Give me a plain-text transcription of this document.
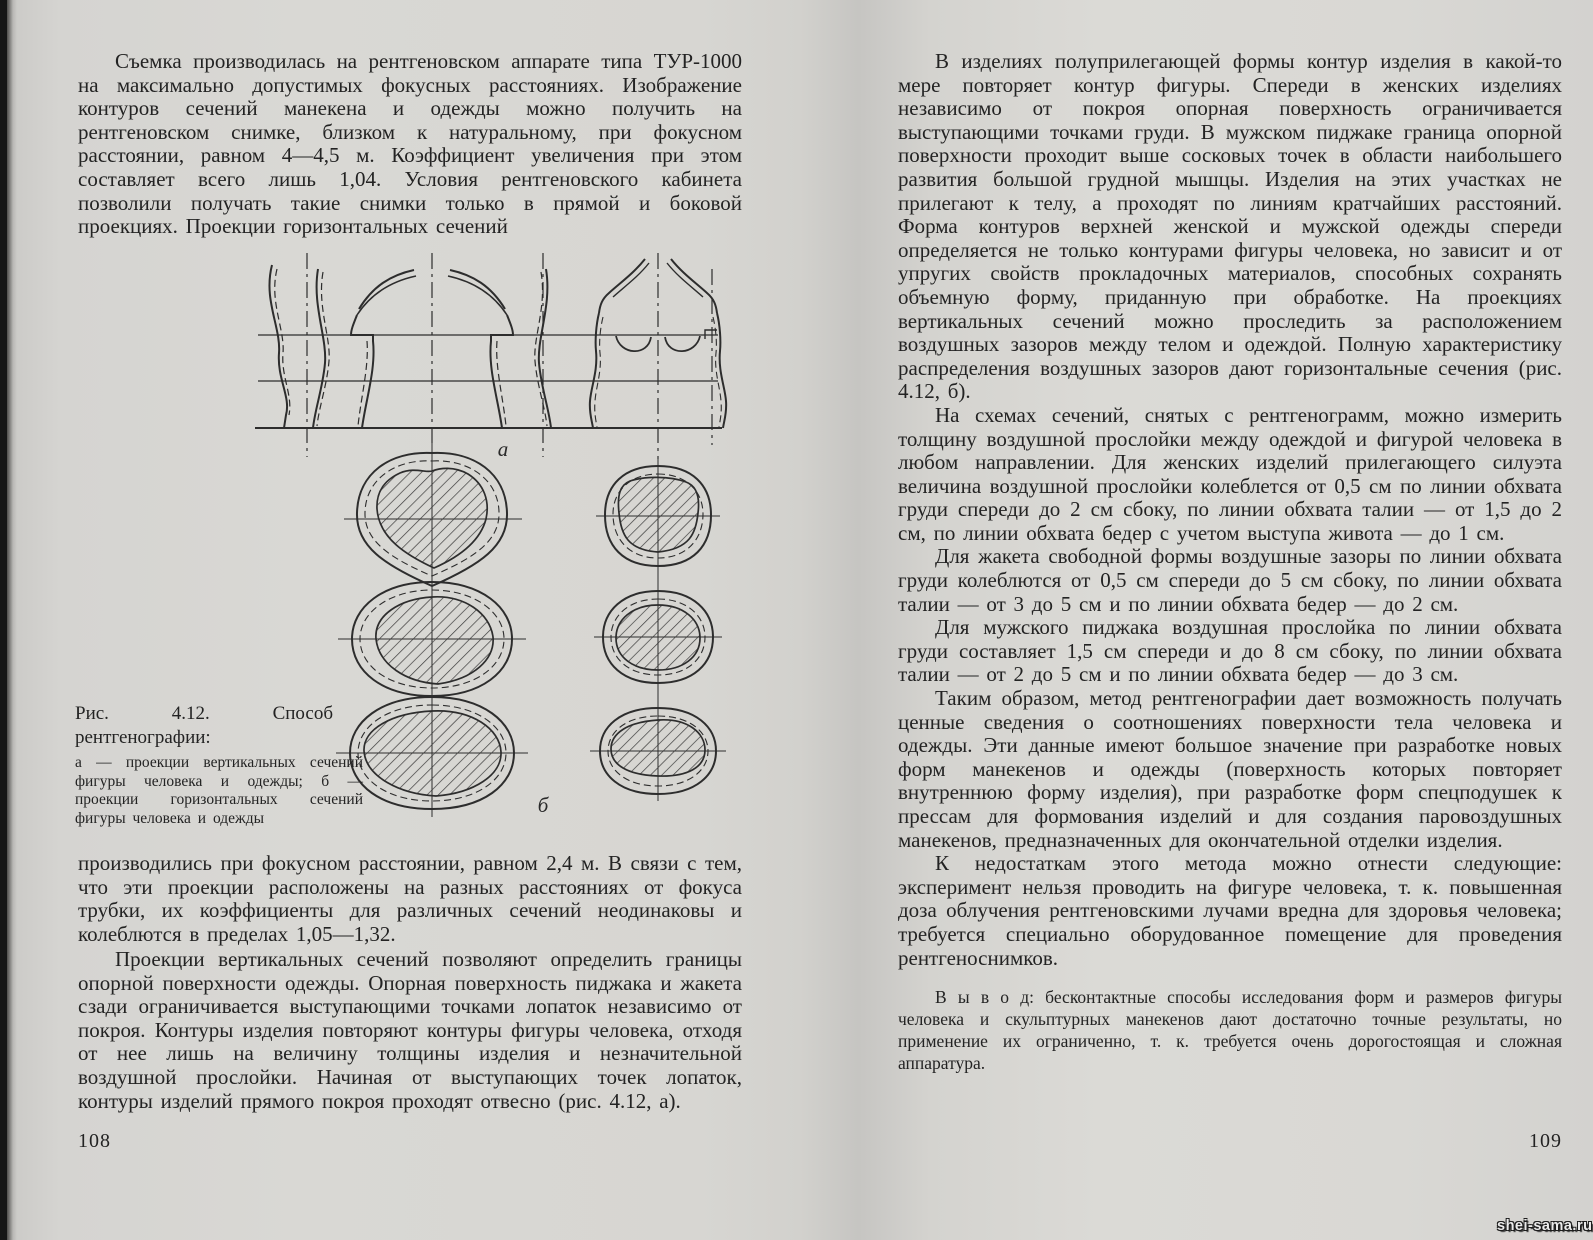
Съемка производилась на рентгеновском аппарате типа ТУР-1000 на максимально допустимых фокусных расстояниях. Изображение контуров сечений манекена и одежды можно получить на рентгеновском снимке, близком к натуральному, при фокусном расстоянии, равном 4—4,5 м. Коэффициент увеличения при этом составляет всего лишь 1,04. Условия рентгеновского кабинета позволили получать такие снимки только в прямой и боковой проекциях. Проекции горизонтальных сечений

а
б

Рис. 4.12. Способ рентгенографии:

а — проекции вертикальных сечений фигуры человека и одежды; б — проекции горизонтальных сечений фигуры человека и одежды

производились при фокусном расстоянии, равном 2,4 м. В связи с тем, что эти проекции расположены на разных расстояниях от фокуса трубки, их коэффициенты для различных сечений неодинаковы и колеблются в пределах 1,05—1,32.

Проекции вертикальных сечений позволяют определить границы опорной поверхности одежды. Опорная поверхность пиджака и жакета сзади ограничивается выступающими точками лопаток независимо от покроя. Контуры изделия повторяют контуры фигуры человека, отходя от нее лишь на величину толщины изделия и незначительной воздушной прослойки. Начиная от выступающих точек лопаток, контуры изделий прямого покроя проходят отвесно (рис. 4.12, а).

108

В изделиях полуприлегающей формы контур изделия в какой-то мере повторяет контур фигуры. Спереди в женских изделиях независимо от покроя опорная поверхность ограничивается выступающими точками груди. В мужском пиджаке граница опорной поверхности проходит выше сосковых точек в области наибольшего развития большой грудной мышцы. Изделия на этих участках не прилегают к телу, а проходят по линиям кратчайших расстояний. Форма контуров верхней женской и мужской одежды спереди определяется не только контурами фигуры человека, но зависит и от упругих свойств прокладочных материалов, способных сохранять объемную форму, приданную при обработке. На проекциях вертикальных сечений можно проследить за расположением воздушных зазоров между телом и одеждой. Полную характеристику распределения воздушных зазоров дают горизонтальные сечения (рис. 4.12, б).

На схемах сечений, снятых с рентгенограмм, можно измерить толщину воздушной прослойки между одеждой и фигурой человека в любом направлении. Для женских изделий прилегающего силуэта величина воздушной прослойки колеблется от 0,5 см по линии обхвата груди спереди до 2 см сбоку, по линии обхвата талии — от 1,5 до 2 см, по линии обхвата бедер с учетом выступа живота — до 1 см.

Для жакета свободной формы воздушные зазоры по линии обхвата груди колеблются от 0,5 см спереди до 5 см сбоку, по линии обхвата талии — от 3 до 5 см и по линии обхвата бедер — до 2 см.

Для мужского пиджака воздушная прослойка по линии обхвата груди составляет 1,5 см спереди и до 8 см сбоку, по линии обхвата талии — от 2 до 5 см и по линии обхвата бедер — до 3 см.

Таким образом, метод рентгенографии дает возможность получать ценные сведения о соотношениях поверхности тела человека и одежды. Эти данные имеют большое значение при разработке новых форм манекенов и одежды (поверхность которых повторяет внутреннюю форму изделия), при разработке форм спецподушек к прессам для формования изделий и для создания паровоздушных манекенов, предназначенных для окончательной отделки изделия.

К недостаткам этого метода можно отнести следующие: эксперимент нельзя проводить на фигуре человека, т. к. повышенная доза облучения рентгеновскими лучами вредна для здоровья человека; требуется специально оборудованное помещение для проведения рентгеноснимков.

В ы в о д: бесконтактные способы исследования форм и размеров фигуры человека и скульптурных манекенов дают достаточно точные результаты, но применение их ограниченно, т. к. требуется очень дорогостоящая и сложная аппаратура.

109
shei-sama.ru
